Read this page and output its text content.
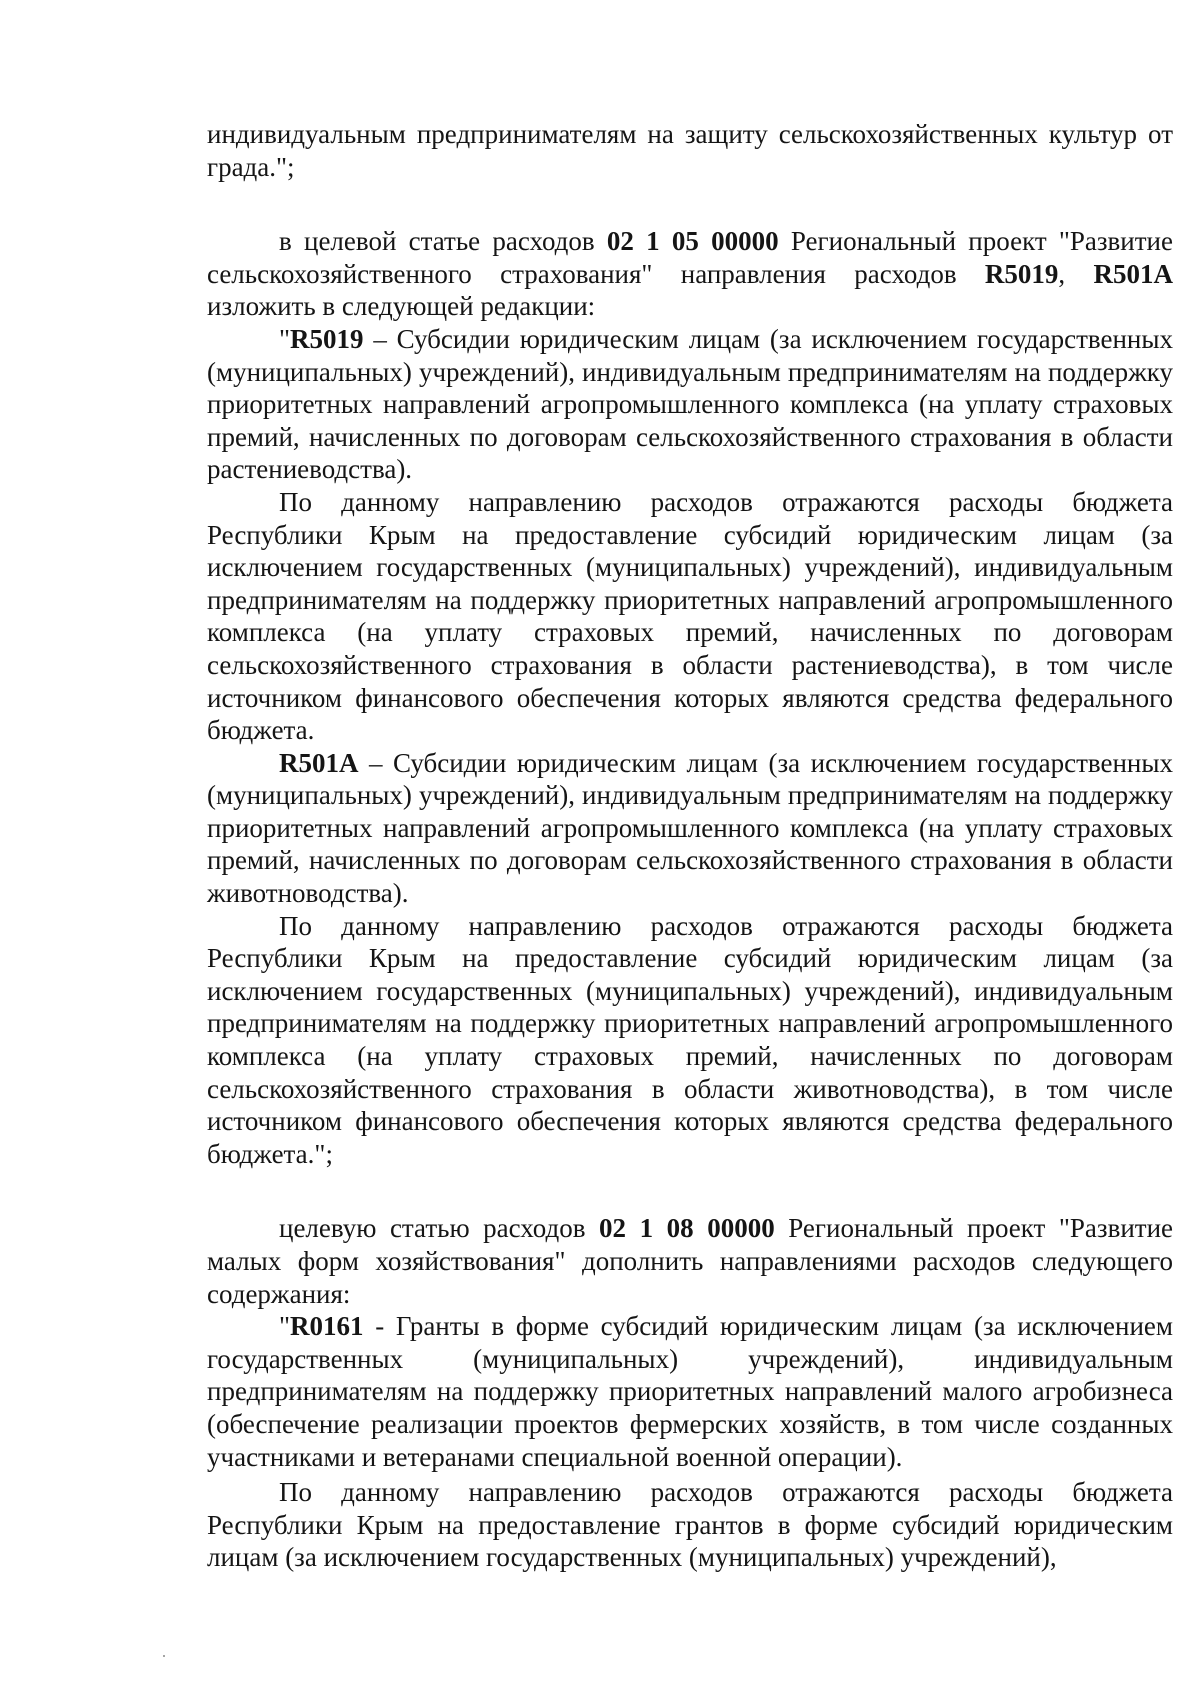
индивидуальным предпринимателям на защиту сельскохозяйственных культур от града.";

в целевой статье расходов 02 1 05 00000 Региональный проект "Развитие сельскохозяйственного страхования" направления расходов R5019, R501A изложить в следующей редакции:

"R5019 – Субсидии юридическим лицам (за исключением государственных (муниципальных) учреждений), индивидуальным предпринимателям на поддержку приоритетных направлений агропромышленного комплекса (на уплату страховых премий, начисленных по договорам сельскохозяйственного страхования в области растениеводства).

По данному направлению расходов отражаются расходы бюджета Республики Крым на предоставление субсидий юридическим лицам (за исключением государственных (муниципальных) учреждений), индивидуальным предпринимателям на поддержку приоритетных направлений агропромышленного комплекса (на уплату страховых премий, начисленных по договорам сельскохозяйственного страхования в области растениеводства), в том числе источником финансового обеспечения которых являются средства федерального бюджета.

R501A – Субсидии юридическим лицам (за исключением государственных (муниципальных) учреждений), индивидуальным предпринимателям на поддержку приоритетных направлений агропромышленного комплекса (на уплату страховых премий, начисленных по договорам сельскохозяйственного страхования в области животноводства).

По данному направлению расходов отражаются расходы бюджета Республики Крым на предоставление субсидий юридическим лицам (за исключением государственных (муниципальных) учреждений), индивидуальным предпринимателям на поддержку приоритетных направлений агропромышленного комплекса (на уплату страховых премий, начисленных по договорам сельскохозяйственного страхования в области животноводства), в том числе источником финансового обеспечения которых являются средства федерального бюджета.";

целевую статью расходов 02 1 08 00000 Региональный проект "Развитие малых форм хозяйствования" дополнить направлениями расходов следующего содержания:

"R0161 - Гранты в форме субсидий юридическим лицам (за исключением государственных (муниципальных) учреждений), индивидуальным предпринимателям на поддержку приоритетных направлений малого агробизнеса (обеспечение реализации проектов фермерских хозяйств, в том числе созданных участниками и ветеранами специальной военной операции).

По данному направлению расходов отражаются расходы бюджета Республики Крым на предоставление грантов в форме субсидий юридическим лицам (за исключением государственных (муниципальных) учреждений),
